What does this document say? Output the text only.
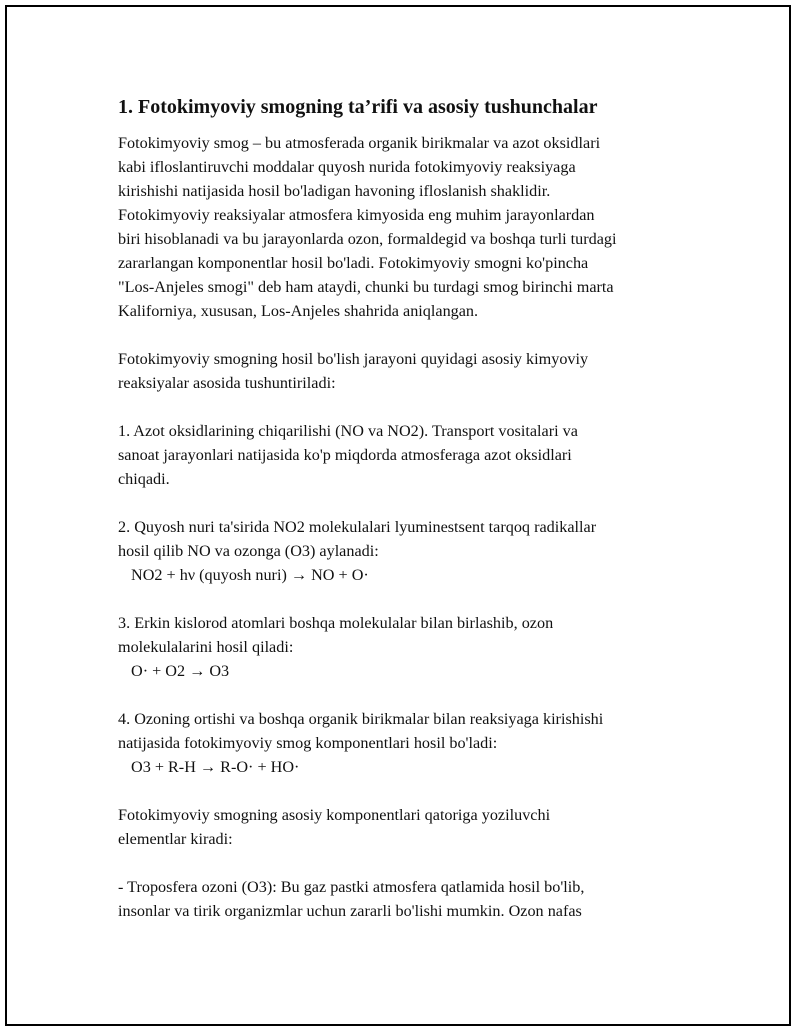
1. Fotokimyoviy smogning ta’rifi va asosiy tushunchalar
Fotokimyoviy smog – bu atmosferada organik birikmalar va azot oksidlari
kabi ifloslantiruvchi moddalar quyosh nurida fotokimyoviy reaksiyaga
kirishishi natijasida hosil bo'ladigan havoning ifloslanish shaklidir.
Fotokimyoviy reaksiyalar atmosfera kimyosida eng muhim jarayonlardan
biri hisoblanadi va bu jarayonlarda ozon, formaldegid va boshqa turli turdagi
zararlangan komponentlar hosil bo'ladi. Fotokimyoviy smogni ko'pincha
"Los-Anjeles smogi" deb ham ataydi, chunki bu turdagi smog birinchi marta
Kaliforniya, xususan, Los-Anjeles shahrida aniqlangan.
Fotokimyoviy smogning hosil bo'lish jarayoni quyidagi asosiy kimyoviy
reaksiyalar asosida tushuntiriladi:
1. Azot oksidlarining chiqarilishi (NO va NO2). Transport vositalari va
sanoat jarayonlari natijasida ko'p miqdorda atmosferaga azot oksidlari
chiqadi.
2. Quyosh nuri ta'sirida NO2 molekulalari lyuminestsent tarqoq radikallar
hosil qilib NO va ozonga (O3) aylanadi:
NO2 + hν (quyosh nuri) → NO + O·
3. Erkin kislorod atomlari boshqa molekulalar bilan birlashib, ozon
molekulalarini hosil qiladi:
O· + O2 → O3
4. Ozoning ortishi va boshqa organik birikmalar bilan reaksiyaga kirishishi
natijasida fotokimyoviy smog komponentlari hosil bo'ladi:
O3 + R-H → R-O· + HO·
Fotokimyoviy smogning asosiy komponentlari qatoriga yoziluvchi
elementlar kiradi:
- Troposfera ozoni (O3): Bu gaz pastki atmosfera qatlamida hosil bo'lib,
insonlar va tirik organizmlar uchun zararli bo'lishi mumkin. Ozon nafas
